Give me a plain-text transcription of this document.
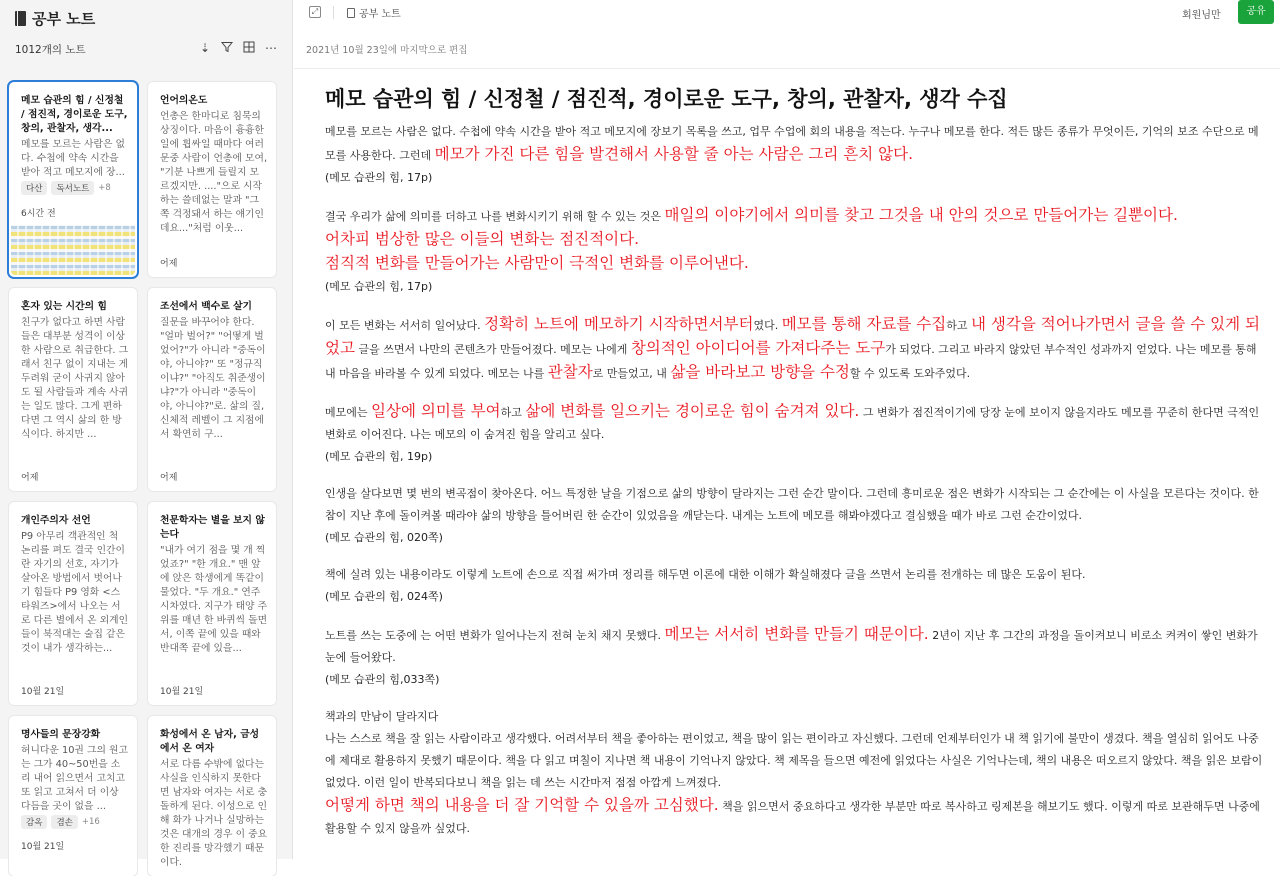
공부 노트
1012개의 노트	⇣	⋯
메모 습관의 힘 / 신정철 / 점진적, 경이로운 도구, 창의, 관찰자, 생각...
메모를 모르는 사람은 없다. 수첩에 약속 시간을 받아 적고 메모지에 장...
다산	독서노트	+8
6시간 전
언어의온도
언총은 한마디로 침묵의 상징이다. 마음이 흉흉한 일에 휩싸일 때마다 여러 문중 사람이 언총에 모여, "기분 나쁘게 들릴지 모르겠지만. ...."으로 시작하는 쓸데없는 말과 "그쪽 걱정돼서 하는 얘기인데요..."처럼 이웃...
어제
혼자 있는 시간의 힘
친구가 없다고 하면 사람들은 대부분 성격이 이상한 사람으로 취급한다. 그래서 친구 없이 지내는 게 두려워 굳이 사귀지 않아도 될 사람들과 계속 사귀는 일도 많다. 그게 편하다면 그 역시 삶의 한 방식이다. 하지만 ...
어제
조선에서 백수로 살기
질문을 바꾸어야 한다. "얼마 벌어?" "어떻게 벌었어?"가 아니라 "중독이야, 아니야?" 또 "정규직이냐?" "아직도 취준생이냐?"가 아니라 "중독이야, 아니야?"로. 삶의 질, 신체적 레벨이 그 지점에서 확연히 구...
어제
개인주의자 선언
P9 아무리 객관적인 척 논리를 펴도 결국 인간이란 자기의 선호, 자기가 살아온 방법에서 벗어나기 힘들다 P9 영화 <스타워즈>에서 나오는 서로 다른 별에서 온 외계인들이 북적대는 술집 같은 것이 내가 생각하는...
10월 21일
천문학자는 별을 보지 않는다
"내가 여기 점을 몇 개 찍었죠?" "한 개요." 맨 앞에 앉은 학생에게 똑같이 물었다. "두 개요." 연주시차였다. 지구가 태양 주위를 매년 한 바퀴씩 돌면서, 이쪽 끝에 있을 때와 반대쪽 끝에 있을...
10월 21일
명사들의 문장강화
허니다운 10권 그의 원고는 그가 40~50번을 소리 내어 읽으면서 고치고 또 읽고 고쳐서 더 이상 다듬을 곳이 없을 ...
감옥	겸손	+16
10월 21일
화성에서 온 남자, 금성에서 온 여자
서로 다름 수밖에 없다는 사실을 인식하지 못한다면 남자와 여자는 서로 충돌하게 된다. 이성으로 인해 화가 나거나 실망하는 것은 대개의 경우 이 중요한 진리를 망각했기 때문이다.
⤢	공부 노트	회원님만	공유
2021년 10월 23일에 마지막으로 편집
메모 습관의 힘 / 신정철 / 점진적, 경이로운 도구, 창의, 관찰자, 생각 수집

메모를 모르는 사람은 없다. 수첩에 약속 시간을 받아 적고 메모지에 장보기 목록을 쓰고, 업무 수업에 회의 내용을 적는다. 누구나 메모를 한다. 적든 많든 종류가 무엇이든, 기억의 보조 수단으로 메모를 사용한다. 그런데 메모가 가진 다른 힘을 발견해서 사용할 줄 아는 사람은 그리 흔치 않다.

(메모 습관의 힘, 17p)

결국 우리가 삶에 의미를 더하고 나를 변화시키기 위해 할 수 있는 것은 매일의 이야기에서 의미를 찾고 그것을 내 안의 것으로 만들어가는 길뿐이다.

어차피 범상한 많은 이들의 변화는 점진적이다.

점직적 변화를 만들어가는 사람만이 극적인 변화를 이루어낸다.

(메모 습관의 힘, 17p)

이 모든 변화는 서서히 일어났다. 정확히 노트에 메모하기 시작하면서부터였다. 메모를 통해 자료를 수집하고 내 생각을 적어나가면서 글을 쓸 수 있게 되었고 글을 쓰면서 나만의 콘텐츠가 만들어졌다. 메모는 나에게 창의적인 아이디어를 가져다주는 도구가 되었다. 그리고 바라지 않았던 부수적인 성과까지 얻었다. 나는 메모를 통해 내 마음을 바라볼 수 있게 되었다. 메모는 나를 관찰자로 만들었고, 내 삶을 바라보고 방향을 수정할 수 있도록 도와주었다.

메모에는 일상에 의미를 부여하고 삶에 변화를 일으키는 경이로운 힘이 숨겨져 있다. 그 변화가 점진적이기에 당장 눈에 보이지 않을지라도 메모를 꾸준히 한다면 극적인 변화로 이어진다. 나는 메모의 이 숨겨진 힘을 알리고 싶다.

(메모 습관의 힘, 19p)

인생을 살다보면 몇 번의 변곡점이 찾아온다. 어느 특정한 날을 기점으로 삶의 방향이 달라지는 그런 순간 말이다. 그런데 흥미로운 점은 변화가 시작되는 그 순간에는 이 사실을 모른다는 것이다. 한참이 지난 후에 돌이켜볼 때라야 삶의 방향을 틀어버린 한 순간이 있었음을 깨닫는다. 내게는 노트에 메모를 해봐야겠다고 결심했을 때가 바로 그런 순간이었다.

(메모 습관의 힘, 020쪽)

책에 실려 있는 내용이라도 이렇게 노트에 손으로 직접 써가며 정리를 해두면 이론에 대한 이해가 확실해졌다 글을 쓰면서 논리를 전개하는 데 많은 도움이 된다.

(메모 습관의 힘, 024쪽)

노트를 쓰는 도중에 는 어떤 변화가 일어나는지 전혀 눈치 채지 못했다. 메모는 서서히 변화를 만들기 때문이다. 2년이 지난 후 그간의 과정을 돌이켜보니 비로소 켜켜이 쌓인 변화가 눈에 들어왔다.

(메모 습관의 힘,033쪽)

책과의 만남이 달라지다

나는 스스로 책을 잘 읽는 사람이라고 생각했다. 어려서부터 책을 좋아하는 편이었고, 책을 많이 읽는 편이라고 자신했다. 그런데 언제부터인가 내 책 읽기에 불만이 생겼다. 책을 열심히 읽어도 나중에 제대로 활용하지 못했기 때문이다. 책을 다 읽고 며칠이 지나면 책 내용이 기억나지 않았다. 책 제목을 들으면 예전에 읽었다는 사실은 기억나는데, 책의 내용은 떠오르지 않았다. 책을 읽은 보람이 없었다. 이런 일이 반복되다보니 책을 읽는 데 쓰는 시간마저 점점 아깝게 느껴졌다.

어떻게 하면 책의 내용을 더 잘 기억할 수 있을까 고심했다. 책을 읽으면서 중요하다고 생각한 부분만 따로 복사하고 링제본을 해보기도 했다. 이렇게 따로 보관해두면 나중에 활용할 수 있지 않을까 싶었다.
